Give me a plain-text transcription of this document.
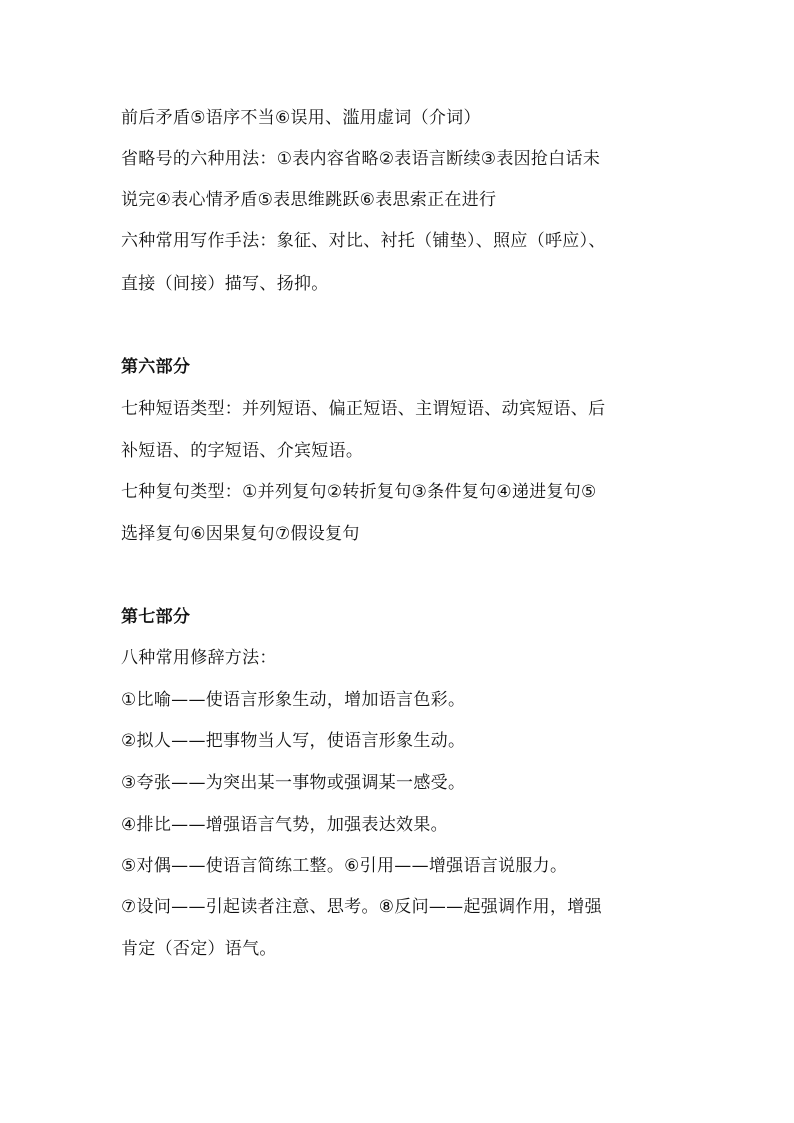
前后矛盾⑤语序不当⑥误用、滥用虚词（介词）
省略号的六种用法：①表内容省略②表语言断续③表因抢白话未
说完④表心情矛盾⑤表思维跳跃⑥表思索正在进行
六种常用写作手法：象征、对比、衬托（铺垫）、照应（呼应）、
直接（间接）描写、扬抑。
第六部分
七种短语类型：并列短语、偏正短语、主谓短语、动宾短语、后
补短语、的字短语、介宾短语。
七种复句类型：①并列复句②转折复句③条件复句④递进复句⑤
选择复句⑥因果复句⑦假设复句
第七部分
八种常用修辞方法：
①比喻——使语言形象生动，增加语言色彩。
②拟人——把事物当人写，使语言形象生动。
③夸张——为突出某一事物或强调某一感受。
④排比——增强语言气势，加强表达效果。
⑤对偶——使语言简练工整。⑥引用——增强语言说服力。
⑦设问——引起读者注意、思考。⑧反问——起强调作用，增强
肯定（否定）语气。
